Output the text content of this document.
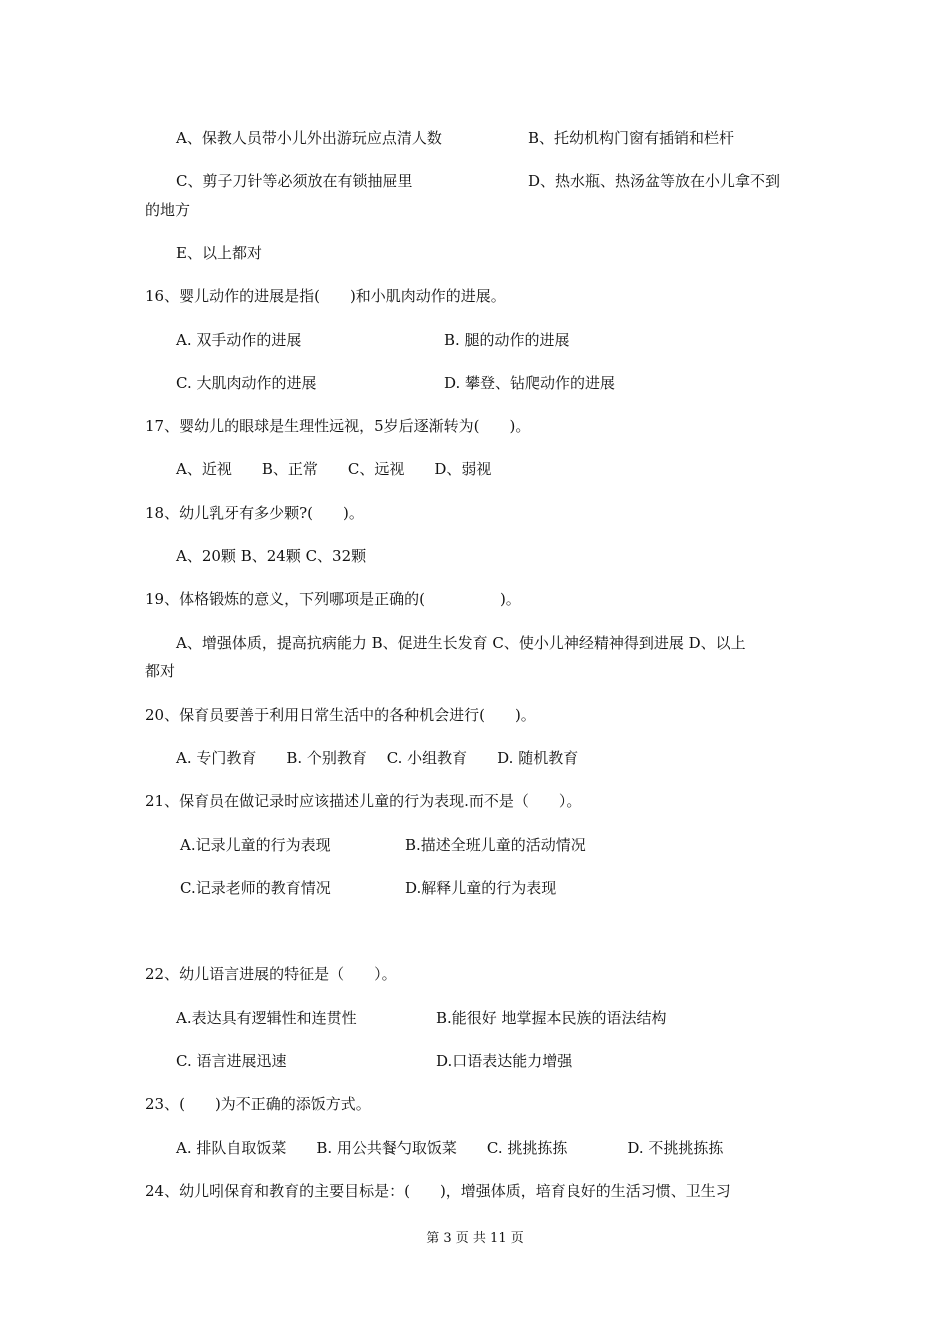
A、保教人员带小儿外出游玩应点清人数	B、托幼机构门窗有插销和栏杆
C、剪子刀针等必须放在有锁抽屉里	D、热水瓶、热汤盆等放在小儿拿不到
的地方
E、以上都对
16、婴儿动作的进展是指(　　)和小肌肉动作的进展。
A. 双手动作的进展	B. 腿的动作的进展
C. 大肌肉动作的进展	D. 攀登、钻爬动作的进展
17、婴幼儿的眼球是生理性远视，5岁后逐渐转为(　　)。
A、近视　　B、正常　　C、远视　　D、弱视
18、幼儿乳牙有多少颗?(　　)。
A、20颗 B、24颗 C、32颗
19、体格锻炼的意义，下列哪项是正确的(　　　　　)。
A、增强体质，提高抗病能力 B、促进生长发育 C、使小儿神经精神得到进展 D、以上
都对
20、保育员要善于利用日常生活中的各种机会进行(　　)。
A. 专门教育　　B. 个别教育　 C. 小组教育　　D. 随机教育
21、保育员在做记录时应该描述儿童的行为表现.而不是（　　）。
A.记录儿童的行为表现	B.描述全班儿童的活动情况
C.记录老师的教育情况	D.解释儿童的行为表现
22、幼儿语言进展的特征是（　　）。
A.表达具有逻辑性和连贯性	B.能很好 地掌握本民族的语法结构
C. 语言进展迅速	D.口语表达能力增强
23、(　　)为不正确的添饭方式。
A. 排队自取饭菜　　B. 用公共餐勺取饭菜　　C. 挑挑拣拣　　　　D. 不挑挑拣拣
24、幼儿吲保育和教育的主要目标是：(　　)，增强体质，培育良好的生活习惯、卫生习
第 3 页 共 11 页
